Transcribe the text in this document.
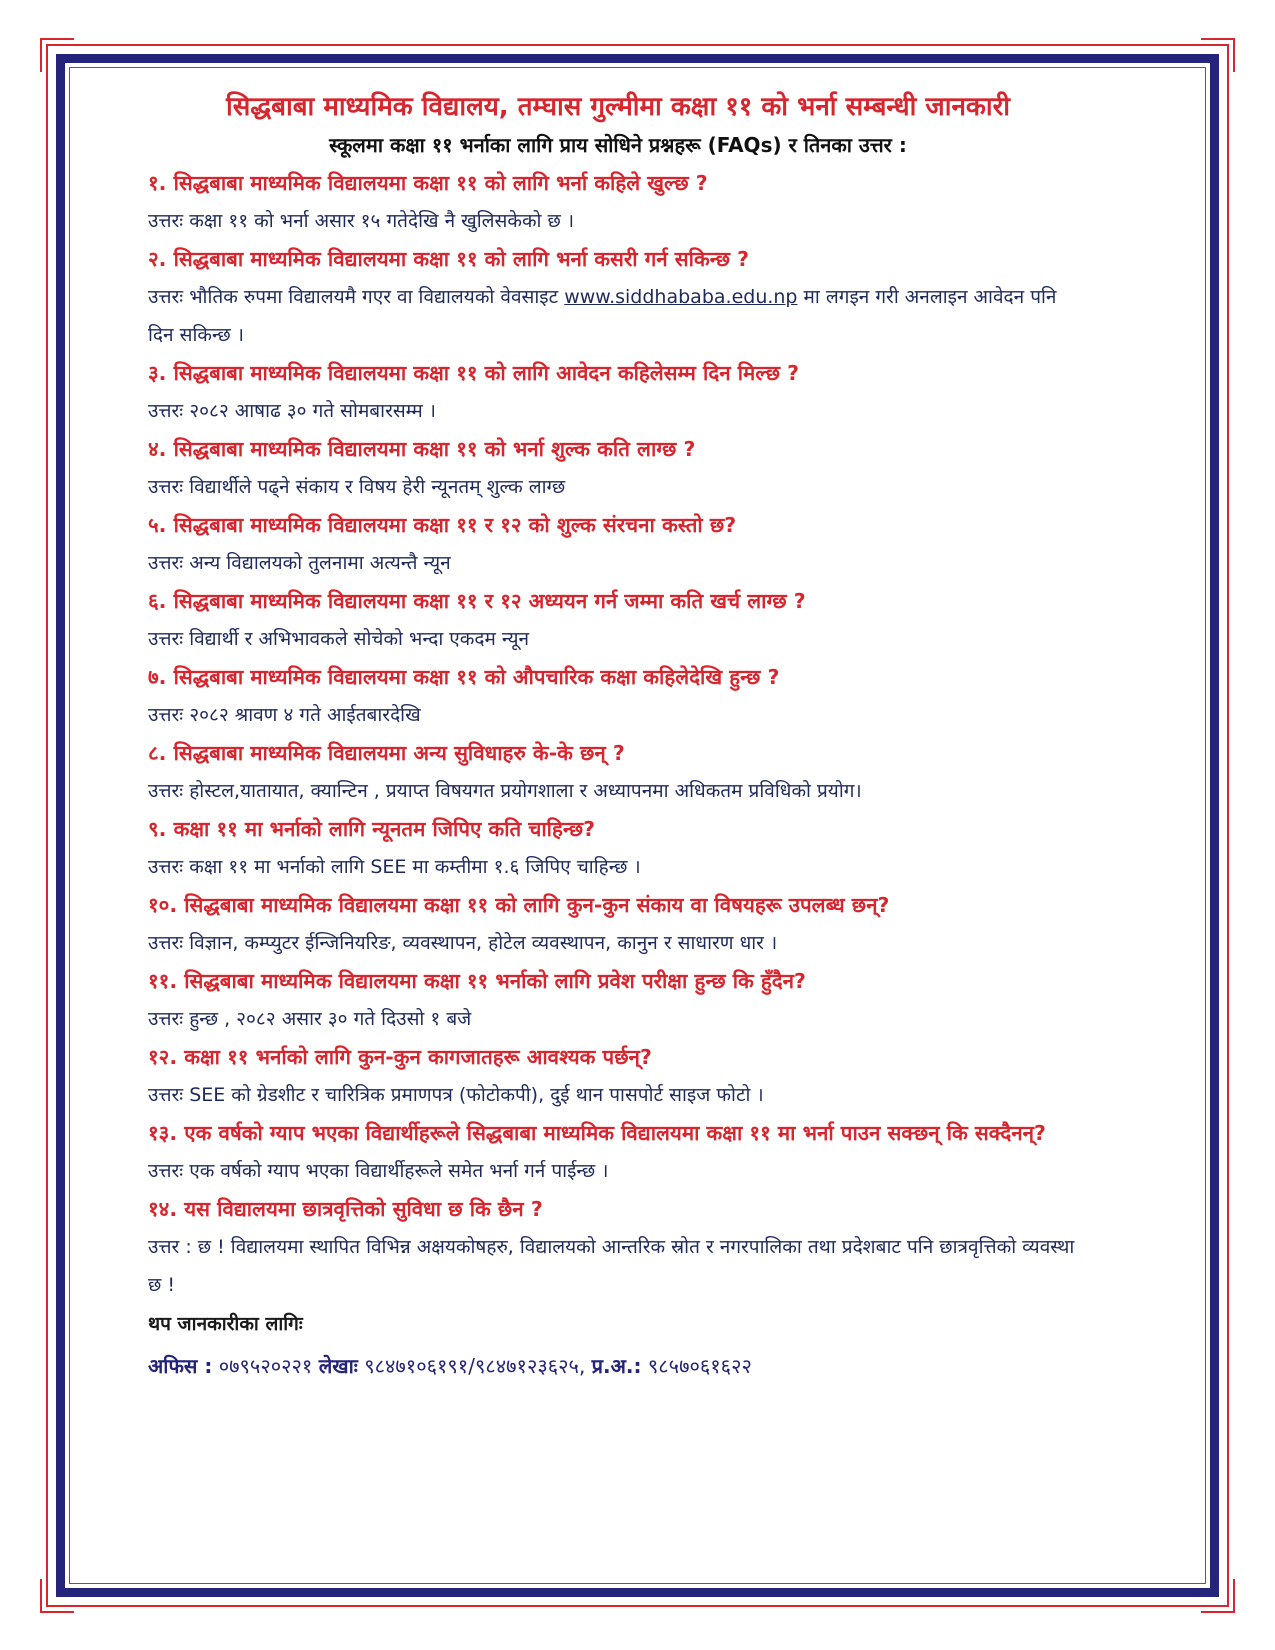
सिद्धबाबा माध्यमिक विद्यालय, तम्घास गुल्मीमा कक्षा ११ को भर्ना सम्बन्धी जानकारी

स्कूलमा कक्षा ११ भर्नाका लागि प्राय सोधिने प्रश्नहरू (FAQs) र तिनका उत्तर :

१. सिद्धबाबा माध्यमिक विद्यालयमा कक्षा ११ को लागि भर्ना कहिले खुल्छ ?

उत्तरः कक्षा ११ को भर्ना असार १५ गतेदेखि नै खुलिसकेको छ ।

२. सिद्धबाबा माध्यमिक विद्यालयमा कक्षा ११ को लागि भर्ना कसरी गर्न सकिन्छ ?

उत्तरः भौतिक रुपमा विद्यालयमै गएर वा विद्यालयको वेवसाइट www.siddhababa.edu.np मा लगइन गरी अनलाइन आवेदन पनि दिन सकिन्छ ।

३. सिद्धबाबा माध्यमिक विद्यालयमा कक्षा ११ को लागि आवेदन कहिलेसम्म दिन मिल्छ ?

उत्तरः २०८२ आषाढ ३० गते सोमबारसम्म ।

४. सिद्धबाबा माध्यमिक विद्यालयमा कक्षा ११ को भर्ना शुल्क कति लाग्छ ?

उत्तरः विद्यार्थीले पढ्ने संकाय र विषय हेरी न्यूनतम् शुल्क लाग्छ

५. सिद्धबाबा माध्यमिक विद्यालयमा कक्षा ११ र १२ को शुल्क संरचना कस्तो छ?

उत्तरः अन्य विद्यालयको तुलनामा अत्यन्तै न्यून

६. सिद्धबाबा माध्यमिक विद्यालयमा कक्षा ११ र १२ अध्ययन गर्न जम्मा कति खर्च लाग्छ ?

उत्तरः विद्यार्थी र अभिभावकले सोचेको भन्दा एकदम न्यून

७. सिद्धबाबा माध्यमिक विद्यालयमा कक्षा ११ को औपचारिक कक्षा कहिलेदेखि हुन्छ ?

उत्तरः २०८२ श्रावण ४ गते आईतबारदेखि

८. सिद्धबाबा माध्यमिक विद्यालयमा अन्य सुविधाहरु के-के छन् ?

उत्तरः होस्टल,यातायात, क्यान्टिन , प्रयाप्त विषयगत प्रयोगशाला र अध्यापनमा अधिकतम प्रविधिको प्रयोग।

९. कक्षा ११ मा भर्नाको लागि न्यूनतम जिपिए कति चाहिन्छ?

उत्तरः कक्षा ११ मा भर्नाको लागि SEE मा कम्तीमा १.६ जिपिए चाहिन्छ ।

१०. सिद्धबाबा माध्यमिक विद्यालयमा कक्षा ११ को लागि कुन-कुन संकाय वा विषयहरू उपलब्ध छन्?

उत्तरः विज्ञान, कम्प्युटर ईन्जिनियरिङ, व्यवस्थापन, होटेल व्यवस्थापन, कानुन र साधारण धार ।

११. सिद्धबाबा माध्यमिक विद्यालयमा कक्षा ११ भर्नाको लागि प्रवेश परीक्षा हुन्छ कि हुँदैन?

उत्तरः हुन्छ , २०८२ असार ३० गते दिउसो १ बजे

१२. कक्षा ११ भर्नाको लागि कुन-कुन कागजातहरू आवश्यक पर्छन्?

उत्तरः SEE को ग्रेडशीट र चारित्रिक प्रमाणपत्र (फोटोकपी), दुई थान पासपोर्ट साइज फोटो ।

१३. एक वर्षको ग्याप भएका विद्यार्थीहरूले सिद्धबाबा माध्यमिक विद्यालयमा कक्षा ११ मा भर्ना पाउन सक्छन् कि सक्दैनन्?

उत्तरः एक वर्षको ग्याप भएका विद्यार्थीहरूले समेत भर्ना गर्न पाईन्छ ।

१४. यस विद्यालयमा छात्रवृत्तिको सुविधा छ कि छैन ?

उत्तर : छ ! विद्यालयमा स्थापित विभिन्न अक्षयकोषहरु, विद्यालयको आन्तरिक स्रोत र नगरपालिका तथा प्रदेशबाट पनि छात्रवृत्तिको व्यवस्था छ !

थप जानकारीका लागिः

अफिस : ०७९५२०२२१ लेखाः ९८४७१०६१९१/९८४७१२३६२५, प्र.अ.: ९८५७०६१६२२
